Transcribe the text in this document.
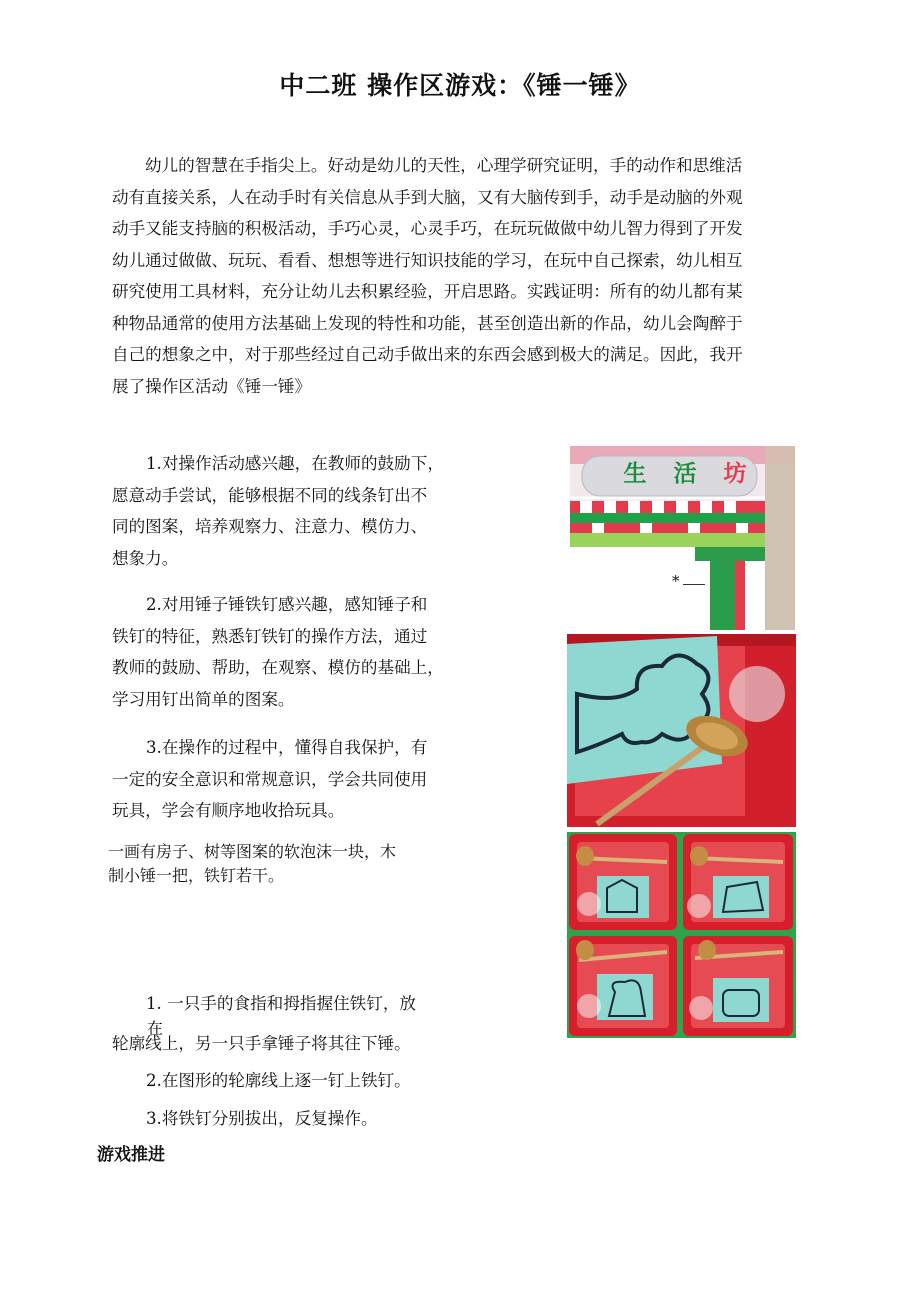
中二班 操作区游戏：《锤一锤》
幼儿的智慧在手指尖上。好动是幼儿的天性，心理学研究证明，手的动作和思维活
动有直接关系，人在动手时有关信息从手到大脑，又有大脑传到手，动手是动脑的外观
动手又能支持脑的积极活动，手巧心灵，心灵手巧，在玩玩做做中幼儿智力得到了开发
幼儿通过做做、玩玩、看看、想想等进行知识技能的学习，在玩中自己探索，幼儿相互
研究使用工具材料，充分让幼儿去积累经验，开启思路。实践证明：所有的幼儿都有某
种物品通常的使用方法基础上发现的特性和功能，甚至创造出新的作品，幼儿会陶醉于
自己的想象之中，对于那些经过自己动手做出来的东西会感到极大的满足。因此，我开
展了操作区活动《锤一锤》
1.对操作活动感兴趣，在教师的鼓励下，
愿意动手尝试，能够根据不同的线条钉出不
同的图案，培养观察力、注意力、模仿力、
想象力。
2.对用锤子锤铁钉感兴趣，感知锤子和
铁钉的特征，熟悉钉铁钉的操作方法，通过
教师的鼓励、帮助，在观察、模仿的基础上，
学习用钉出简单的图案。
3.在操作的过程中，懂得自我保护，有
一定的安全意识和常规意识，学会共同使用
玩具，学会有顺序地收拾玩具。
一画有房子、树等图案的软泡沫一块，木
制小锤一把，铁钉若干。
1. 一只手的食指和拇指握住铁钉，放
轮廓线上，另一只手拿锤子将其往下锤。
2.在图形的轮廓线上逐一钉上铁钉。
3.将铁钉分别拔出，反复操作。
在
游戏推进
生 活 坊
*
